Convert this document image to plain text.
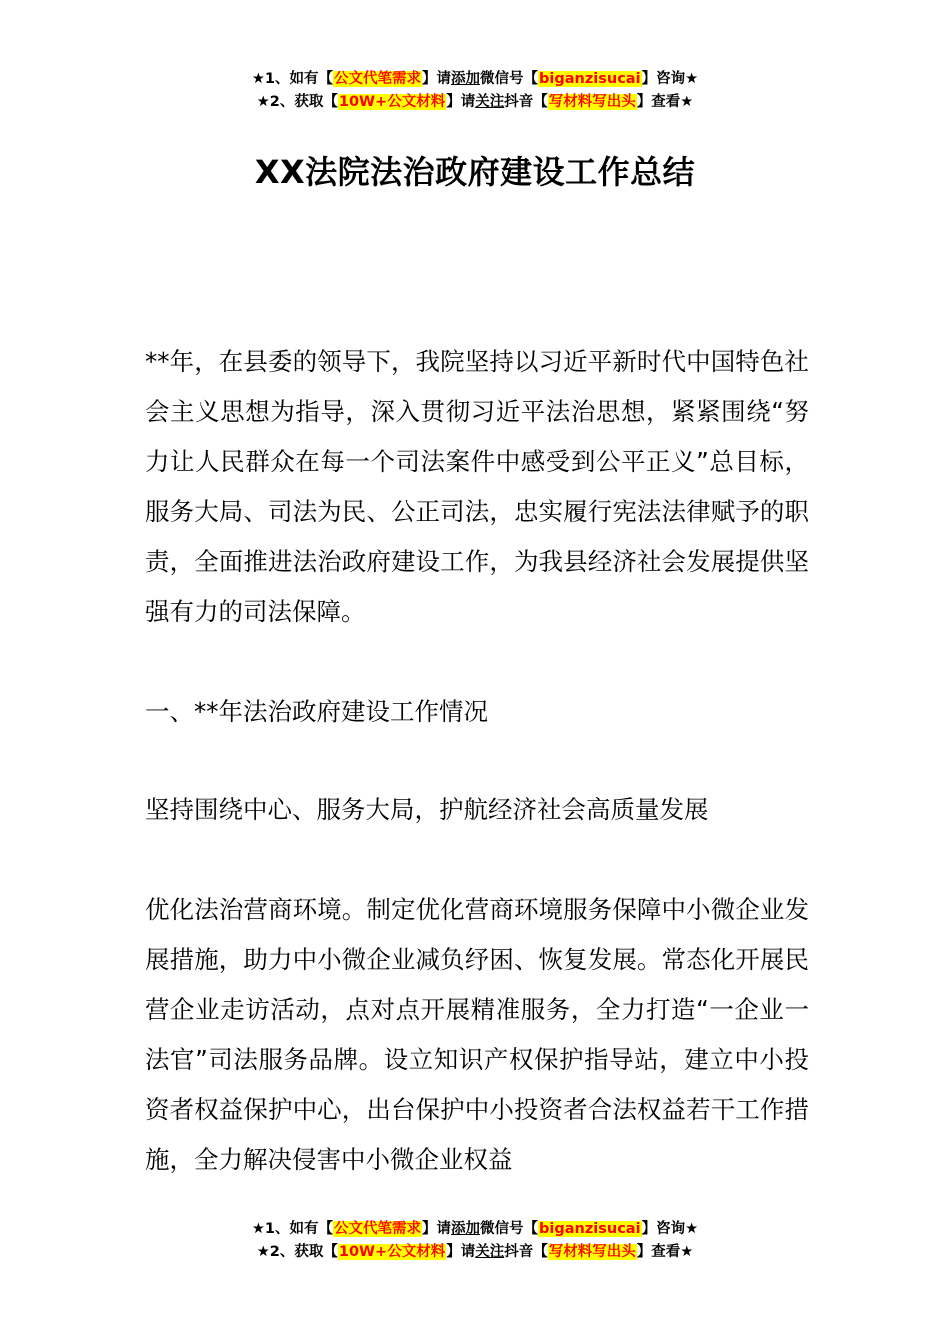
★1、如有【公文代笔需求】请添加微信号【biganzisucai】咨询★
★2、获取【10W+公文材料】请关注抖音【写材料写出头】查看★
XX法院法治政府建设工作总结

**年，在县委的领导下，我院坚持以习近平新时代中国特色社会主义思想为指导，深入贯彻习近平法治思想，紧紧围绕“努力让人民群众在每一个司法案件中感受到公平正义”总目标，服务大局、司法为民、公正司法，忠实履行宪法法律赋予的职责，全面推进法治政府建设工作，为我县经济社会发展提供坚强有力的司法保障。

一、**年法治政府建设工作情况

坚持围绕中心、服务大局，护航经济社会高质量发展

优化法治营商环境。制定优化营商环境服务保障中小微企业发展措施，助力中小微企业减负纾困、恢复发展。常态化开展民营企业走访活动，点对点开展精准服务，全力打造“一企业一法官”司法服务品牌。设立知识产权保护指导站，建立中小投资者权益保护中心，出台保护中小投资者合法权益若干工作措施，全力解决侵害中小微企业权益

★1、如有【公文代笔需求】请添加微信号【biganzisucai】咨询★
★2、获取【10W+公文材料】请关注抖音【写材料写出头】查看★
